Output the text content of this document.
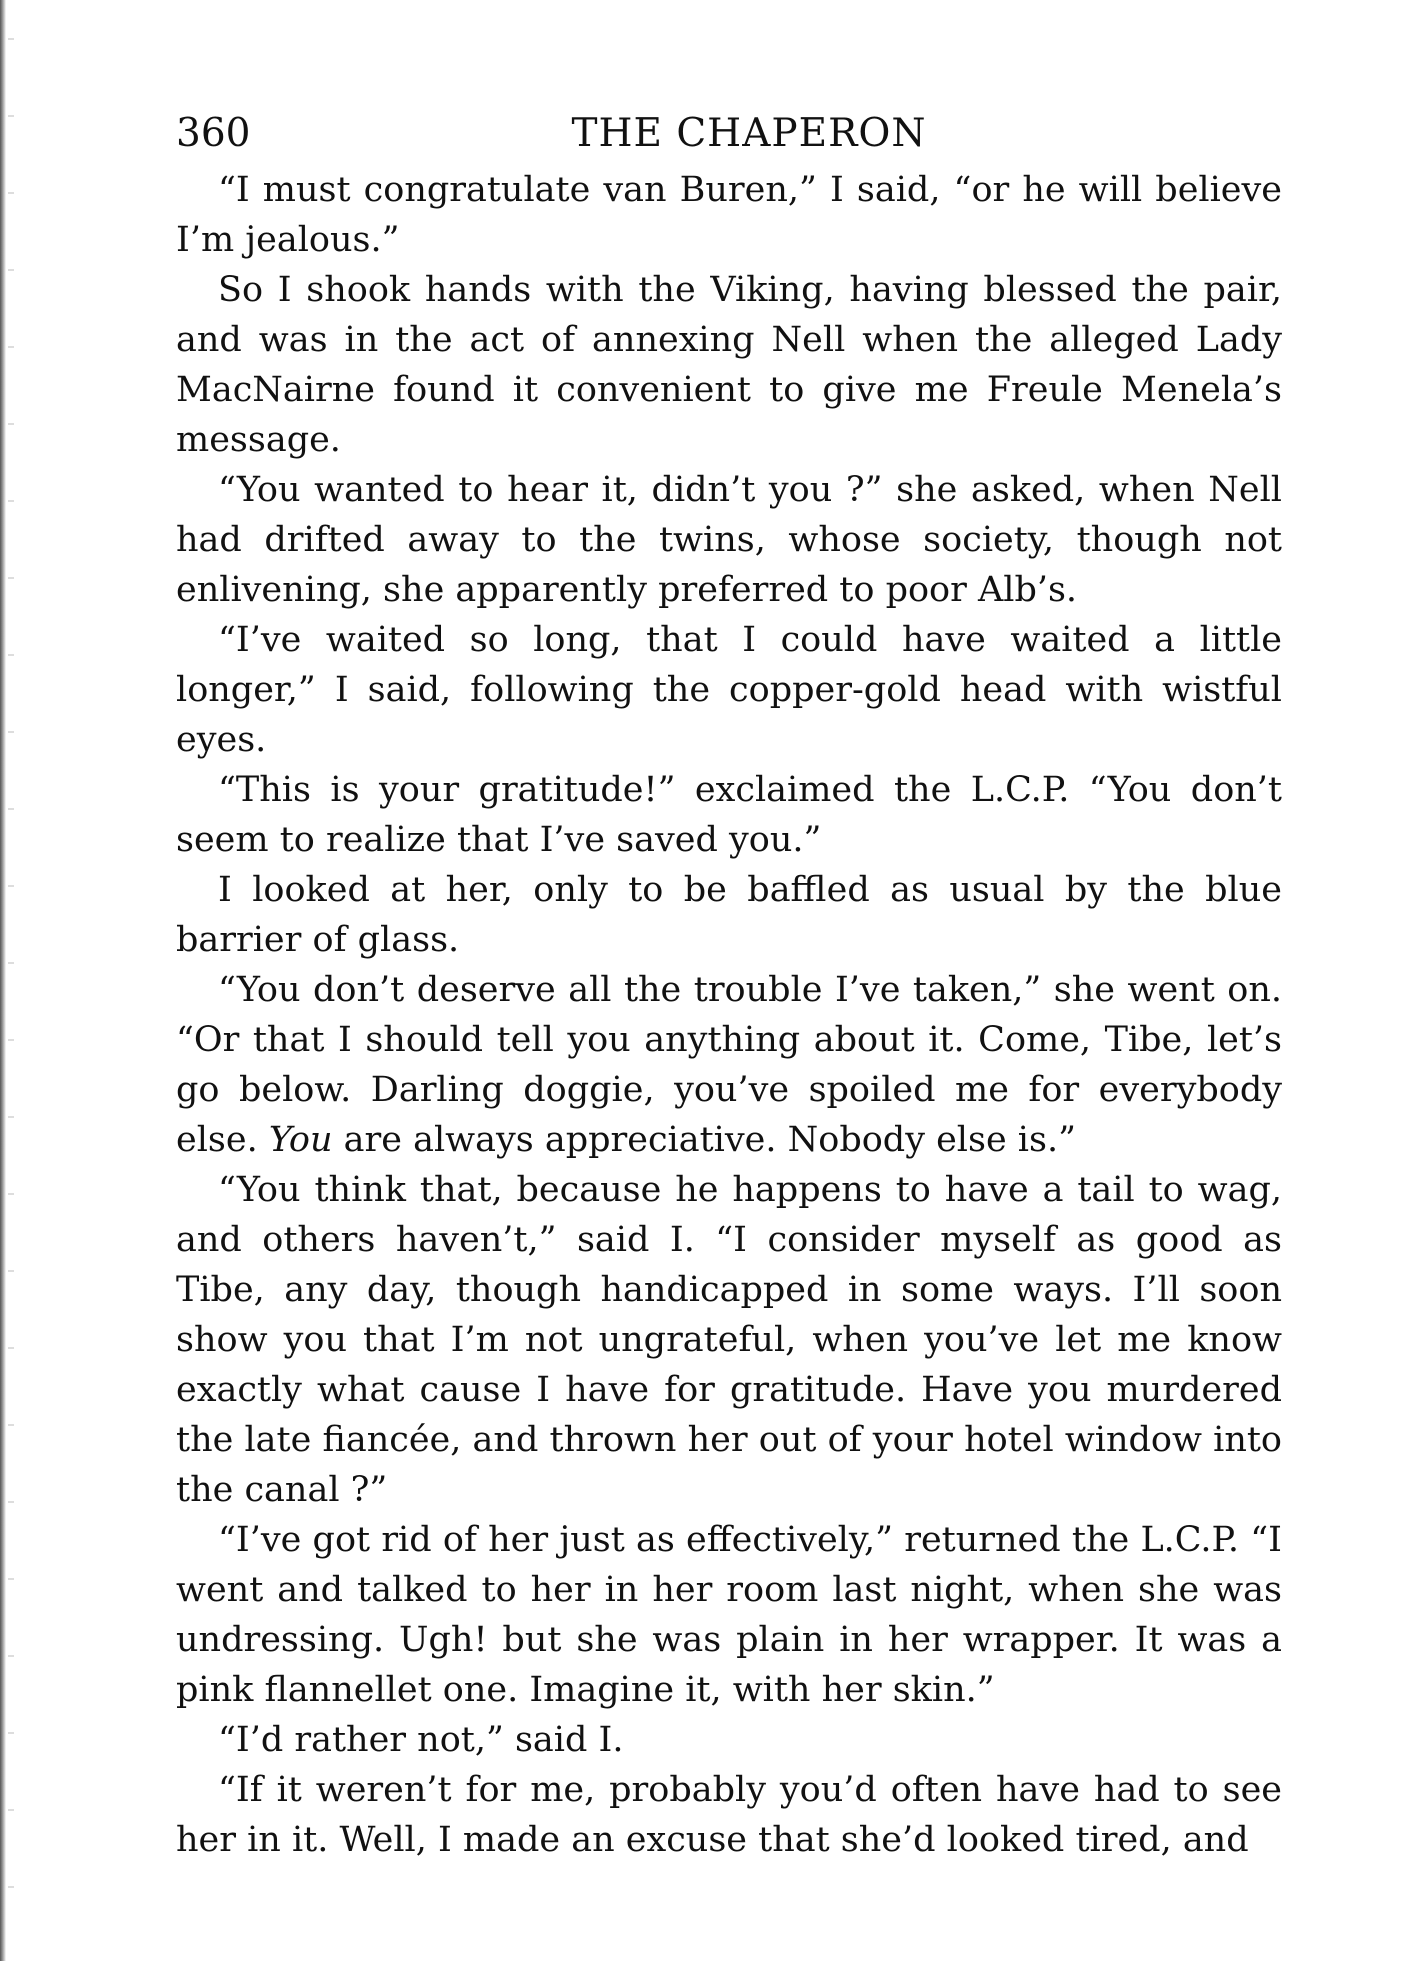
360	THE CHAPERON

“I must congratulate van Buren,” I said, “or he will believe I’m jealous.”

So I shook hands with the Viking, having blessed the pair, and was in the act of annexing Nell when the alleged Lady MacNairne found it convenient to give me Freule Menela’s message.

“You wanted to hear it, didn’t you ?” she asked, when Nell had drifted away to the twins, whose society, though not enlivening, she apparently preferred to poor Alb’s.

“I’ve waited so long, that I could have waited a little longer,” I said, following the copper-gold head with wistful eyes.

“This is your gratitude!” exclaimed the L.C.P. “You don’t seem to realize that I’ve saved you.”

I looked at her, only to be baffled as usual by the blue barrier of glass.

“You don’t deserve all the trouble I’ve taken,” she went on. “Or that I should tell you anything about it. Come, Tibe, let’s go below. Darling doggie, you’ve spoiled me for everybody else. You are always appreciative. Nobody else is.”

“You think that, because he happens to have a tail to wag, and others haven’t,” said I. “I consider myself as good as Tibe, any day, though handicapped in some ways. I’ll soon show you that I’m not ungrateful, when you’ve let me know exactly what cause I have for gratitude. Have you murdered the late fiancée, and thrown her out of your hotel window into the canal ?”

“I’ve got rid of her just as effectively,” returned the L.C.P. “I went and talked to her in her room last night, when she was undressing. Ugh! but she was plain in her wrapper. It was a pink flannellet one. Imagine it, with her skin.”

“I’d rather not,” said I.

“If it weren’t for me, probably you’d often have had to see her in it. Well, I made an excuse that she’d looked tired, and
